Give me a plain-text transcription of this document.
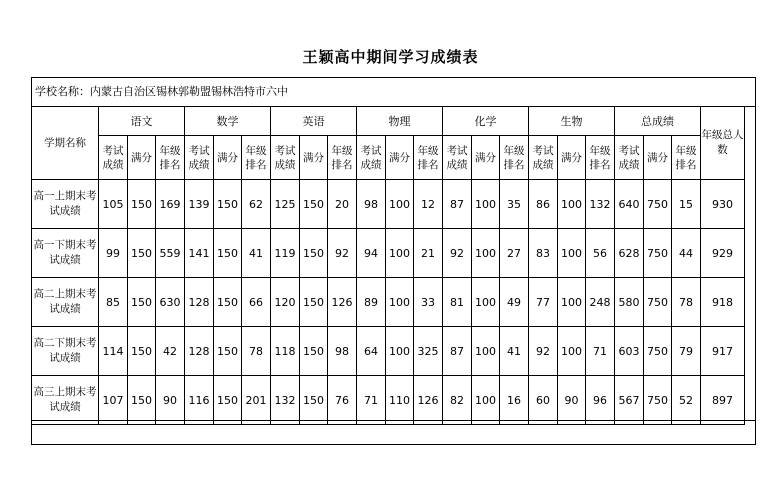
王颖高中期间学习成绩表
学校名称：内蒙古自治区锡林郭勒盟锡林浩特市六中
学期名称	语文			数学			英语			物理			化学			生物			总成绩			年级总人数
	考试成绩	满分	年级排名	考试成绩	满分	年级排名	考试成绩	满分	年级排名	考试成绩	满分	年级排名	考试成绩	满分	年级排名	考试成绩	满分	年级排名	考试成绩	满分	年级排名	
高一上期末考试成绩	105	150	169	139	150	62	125	150	20	98	100	12	87	100	35	86	100	132	640	750	15	930
高一下期末考试成绩	99	150	559	141	150	41	119	150	92	94	100	21	92	100	27	83	100	56	628	750	44	929
高二上期末考试成绩	85	150	630	128	150	66	120	150	126	89	100	33	81	100	49	77	100	248	580	750	78	918
高二下期末考试成绩	114	150	42	128	150	78	118	150	98	64	100	325	87	100	41	92	100	71	603	750	79	917
高三上期末考试成绩	107	150	90	116	150	201	132	150	76	71	110	126	82	100	16	60	90	96	567	750	52	897
